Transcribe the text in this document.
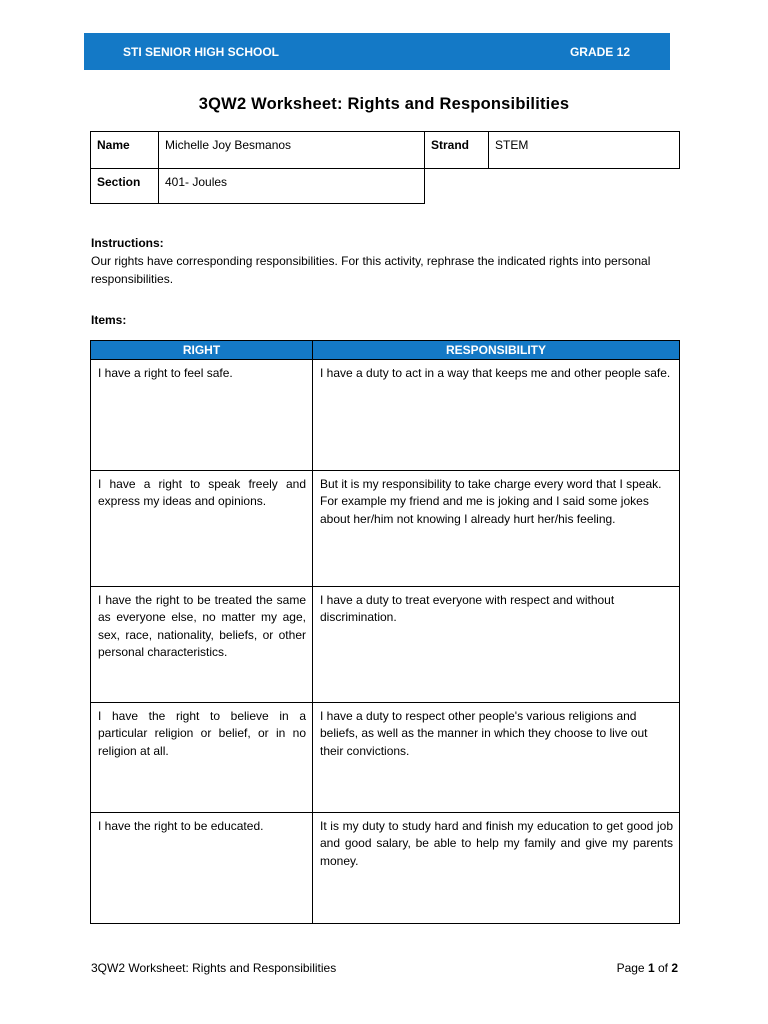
STI SENIOR HIGH SCHOOL	GRADE 12
3QW2 Worksheet: Rights and Responsibilities
Name	Michelle Joy Besmanos	Strand	STEM
Section	401- Joules		
Instructions:
Our rights have corresponding responsibilities. For this activity, rephrase the indicated rights into personal responsibilities.
Items:
RIGHT	RESPONSIBILITY
I have a right to feel safe.	I have a duty to act in a way that keeps me and other people safe.
I have a right to speak freely and express my ideas and opinions.	But it is my responsibility to take charge every word that I speak. For example my friend and me is joking and I said some jokes about her/him not knowing I already hurt her/his feeling.
I have the right to be treated the same as everyone else, no matter my age, sex, race, nationality, beliefs, or other personal characteristics.	I have a duty to treat everyone with respect and without discrimination.
I have the right to believe in a particular religion or belief, or in no religion at all.	I have a duty to respect other people's various religions and beliefs, as well as the manner in which they choose to live out their convictions.
I have the right to be educated.	It is my duty to study hard and finish my education to get good job and good salary, be able to help my family and give my parents money.
3QW2 Worksheet: Rights and Responsibilities	Page 1 of 2
